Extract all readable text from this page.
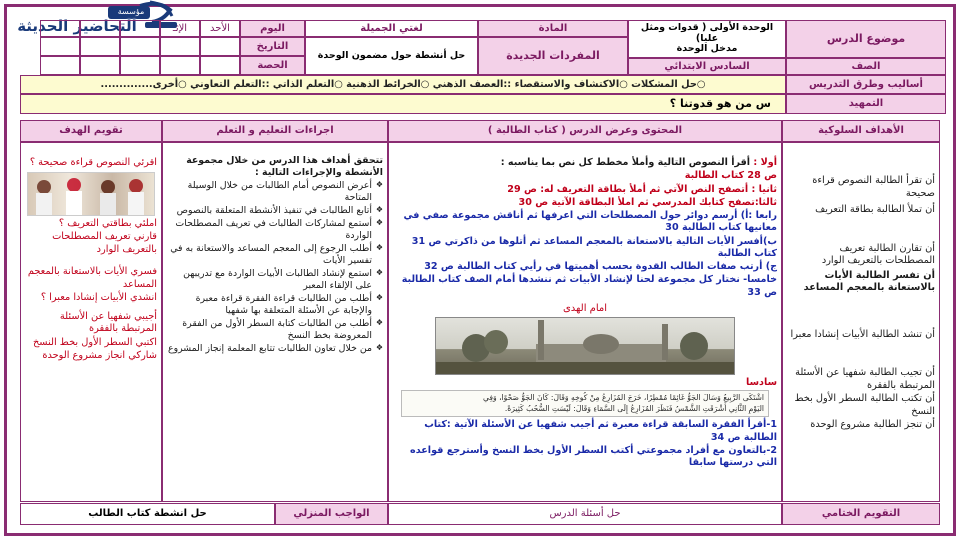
مؤسسة
التحاضير الحديثة
موضوع الدرس
الوحدة الأولى ( قدوات ومثل عليا)
مدخل الوحدة
المادة
المفردات الجديدة
لغتي الجميلة
حل أنشطة حول مضمون الوحدة
اليوم
التاريخ
الحصة
الأحد
الإثـ
الصف
السادس الابتدائي
أساليب وطرق التدريس
○حل المشكلات ○الاكتشاف والاستقصاء ::العصف الذهني ○الخرائط الذهنية ○التعلم الذاتي ::التعلم التعاوني ○أخرى..............
التمهيد
س من هو قدوتنا ؟
الأهداف السلوكية
المحتوى وعرض الدرس ( كتاب الطالبة )
اجراءات التعليم و التعلم
تقويم الهدف

أن تقرأ الطالبة النصوص قراءة صحيحة

أن تملأ الطالبة بطاقة التعريف

أن تقارن الطالبة تعريف المصطلحات بالتعريف الوارد

أن تفسر الطالبة الأيات بالاستعانة بالمعجم المساعد

أن تنشد الطالبة الأبيات إنشادا معبرا

أن تجيب الطالبة شفهيا عن الأسئلة المرتبطة بالفقرة

أن تكتب الطالبة السطر الأول بخط النسخ

أن تنجز الطالبة مشروع الوحدة

أولا : أقرأ النصوص التالية وأملأ مخطط كل نص بما يناسبه :

ص 28 كتاب الطالبة

ثانيا : أتصفح النص الآتي ثم أملأ بطاقة التعريف له: ص 29

ثالثا:تصفح كتابك المدرسي ثم املأ البطاقة الآتية ص 30

رابعا :أ) أرسم دوائر حول المصطلحات التي اعرفها ثم أناقش مجموعة صفي في معانيها كتاب الطالبة 30

ب)أفسر الأيات التالية بالاستعانة بالمعجم المساعد ثم أتلوها من ذاكرتي ص 31 كتاب الطالبة

ج) أرتب صفات الطالب القدوة بحسب أهميتها في رأيي كتاب الطالبة ص 32

خامسا- نختار كل مجموعة لحنا لإنشاد الأبيات ثم ننشدها أمام الصف كتاب الطالبة ص 33

امام الهدى

سادسا

اشْتَكَى الرَّبِيعُ وَسَالَ الجَوُّ غَائِمًا مُمْطِرًا، خَرَجَ المُزَارِعُ مِنْ كُوخِهِ وَقَالَ: كَانَ الجَوُّ صَحْوًا، وَفِي
اليَوْمِ الثَّانِي أَشْرَقَتِ الشَّمْسُ فَنَظَرَ المُزَارِعُ إِلَى السَّمَاءِ وَقَالَ: لَيْسَتِ السُّحُبُ كَثِيرَةً.

1-أقرأ الفقرة السابقة قراءة معبرة ثم أجيب شفهيا عن الأسئلة الآتية :كتاب الطالبة ص 34

2-بالتعاون مع أفراد مجموعتي أكتب السطر الأول بخط النسخ وأسترجع قواعده التي درستها سابقا

تتحقق أهداف هذا الدرس من خلال مجموعة الأنشطة والإجراءات التالية :

❖ أعرض النصوص أمام الطالبات من خلال الوسيلة المتاحة

❖ أتابع الطالبات في تنفيذ الأنشطة المتعلقة بالنصوص

❖ أستمع لمشاركات الطالبات في تعريف المصطلحات الواردة

❖ أطلب الرجوع إلى المعجم المساعد والاستعانة به في تفسير الأيات

❖ استمع لإنشاد الطالبات الأبيات الواردة مع تدريبهن على الإلقاء المعبر

❖ أطلب من الطالبات قراءة الفقرة قراءة معبرة والإجابة عن الأسئلة المتعلقة بها شفهيا

❖ أطلب من الطالبات كتابة السطر الأول من الفقرة المعروضة بخط النسخ

❖ من خلال تعاون الطالبات تتابع المعلمة إنجاز المشروع

اقرئي النصوص قراءة صحيحة ؟

املئي بطاقتي التعريف ؟

قارني تعريف المصطلحات بالتعريف الوارد

فسري الأيات بالاستعانة بالمعجم المساعد

انشدي الأبيات إنشادا معبرا ؟

أجيبي شفهيا عن الأسئلة المرتبطة بالفقرة

اكتبي السطر الأول بخط النسخ

شاركي انجاز مشروع الوحدة

التقويم الختامي
حل أسئلة الدرس
الواجب المنزلي
حل انشطة كتاب الطالب
